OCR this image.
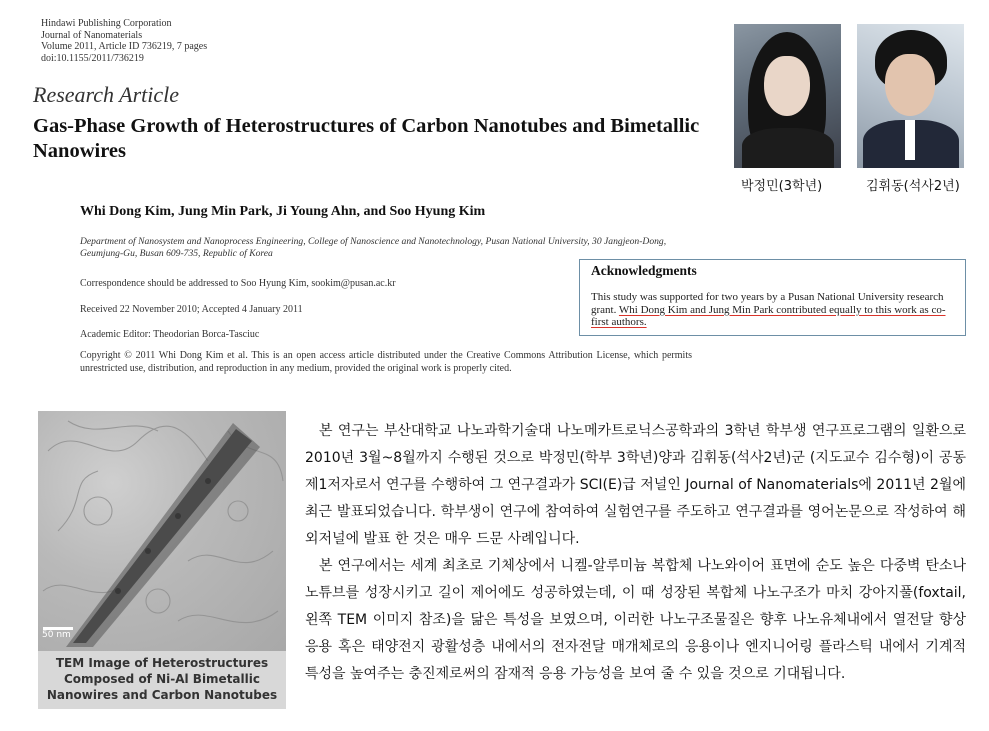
Hindawi Publishing Corporation
Journal of Nanomaterials
Volume 2011, Article ID 736219, 7 pages
doi:10.1155/2011/736219
Research Article
Gas-Phase Growth of Heterostructures of Carbon Nanotubes and Bimetallic Nanowires
박정민(3학년)	김휘동(석사2년)
Whi Dong Kim, Jung Min Park, Ji Young Ahn, and Soo Hyung Kim
Department of Nanosystem and Nanoprocess Engineering, College of Nanoscience and Nanotechnology, Pusan National University, 30 Jangjeon-Dong, Geumjung-Gu, Busan 609-735, Republic of Korea
Correspondence should be addressed to Soo Hyung Kim, sookim@pusan.ac.kr
Received 22 November 2010; Accepted 4 January 2011
Academic Editor: Theodorian Borca-Tasciuc
Copyright © 2011 Whi Dong Kim et al. This is an open access article distributed under the Creative Commons Attribution License, which permits unrestricted use, distribution, and reproduction in any medium, provided the original work is properly cited.
Acknowledgments
This study was supported for two years by a Pusan National University research grant. Whi Dong Kim and Jung Min Park contributed equally to this work as co-first authors.
50 nm
TEM Image of Heterostructures Composed of Ni-Al Bimetallic Nanowires and Carbon Nanotubes

본 연구는 부산대학교 나노과학기술대 나노메카트로닉스공학과의 3학년 학부생 연구프로그램의 일환으로 2010년 3월~8월까지 수행된 것으로 박정민(학부 3학년)양과 김휘동(석사2년)군 (지도교수 김수형)이 공동 제1저자로서 연구를 수행하여 그 연구결과가 SCI(E)급 저널인 Journal of Nanomaterials에 2011년 2월에 최근 발표되었습니다. 학부생이 연구에 참여하여 실험연구를 주도하고 연구결과를 영어논문으로 작성하여 해외저널에 발표 한 것은 매우 드문 사례입니다.

본 연구에서는 세계 최초로 기체상에서 니켈-알루미늄 복합체 나노와이어 표면에 순도 높은 다중벽 탄소나노튜브를 성장시키고 길이 제어에도 성공하였는데, 이 때 성장된 복합체 나노구조가 마치 강아지풀(foxtail, 왼쪽 TEM 이미지 참조)을 닮은 특성을 보였으며, 이러한 나노구조물질은 향후 나노유체내에서 열전달 향상 응용 혹은 태양전지 광활성층 내에서의 전자전달 매개체로의 응용이나 엔지니어링 플라스틱 내에서 기계적 특성을 높여주는 충진제로써의 잠재적 응용 가능성을 보여 줄 수 있을 것으로 기대됩니다.
